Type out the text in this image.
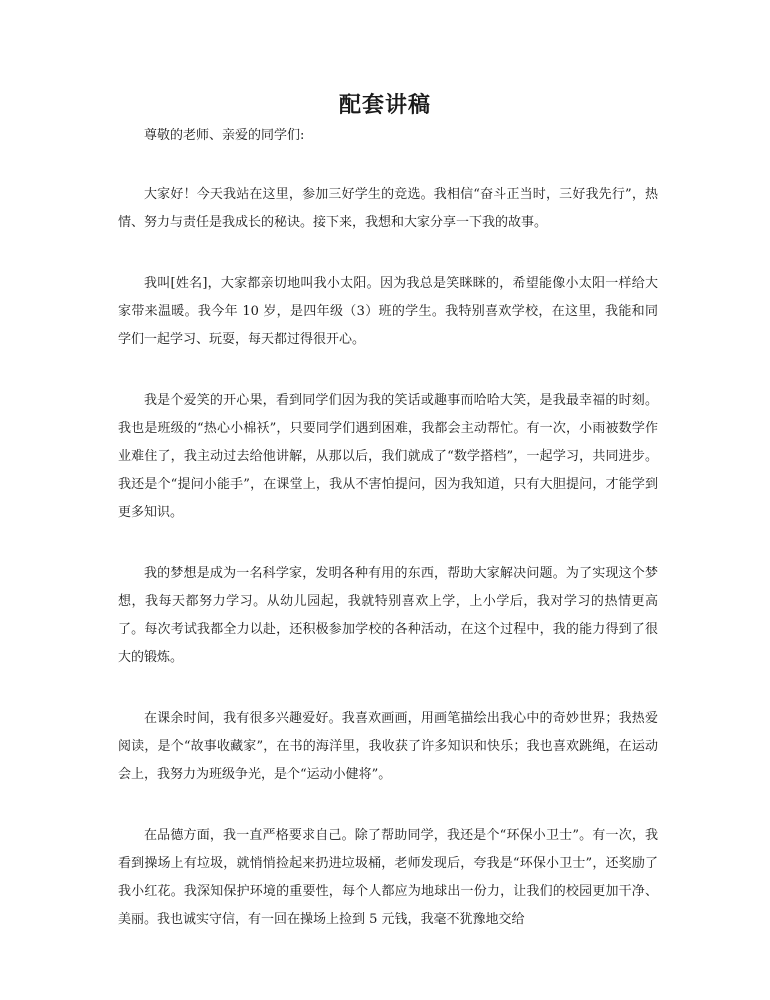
配套讲稿
尊敬的老师、亲爱的同学们:

大家好！今天我站在这里，参加三好学生的竞选。我相信“奋斗正当时，三好我先行”，热情、努力与责任是我成长的秘诀。接下来，我想和大家分享一下我的故事。

我叫[姓名]，大家都亲切地叫我小太阳。因为我总是笑眯眯的，希望能像小太阳一样给大家带来温暖。我今年 10 岁，是四年级（3）班的学生。我特别喜欢学校，在这里，我能和同学们一起学习、玩耍，每天都过得很开心。

我是个爱笑的开心果，看到同学们因为我的笑话或趣事而哈哈大笑，是我最幸福的时刻。我也是班级的“热心小棉袄”，只要同学们遇到困难，我都会主动帮忙。有一次，小雨被数学作业难住了，我主动过去给他讲解，从那以后，我们就成了“数学搭档”，一起学习，共同进步。我还是个“提问小能手”，在课堂上，我从不害怕提问，因为我知道，只有大胆提问，才能学到更多知识。

我的梦想是成为一名科学家，发明各种有用的东西，帮助大家解决问题。为了实现这个梦想，我每天都努力学习。从幼儿园起，我就特别喜欢上学，上小学后，我对学习的热情更高了。每次考试我都全力以赴，还积极参加学校的各种活动，在这个过程中，我的能力得到了很大的锻炼。

在课余时间，我有很多兴趣爱好。我喜欢画画，用画笔描绘出我心中的奇妙世界；我热爱阅读，是个“故事收藏家”，在书的海洋里，我收获了许多知识和快乐；我也喜欢跳绳，在运动会上，我努力为班级争光，是个“运动小健将”。

在品德方面，我一直严格要求自己。除了帮助同学，我还是个“环保小卫士”。有一次，我看到操场上有垃圾，就悄悄捡起来扔进垃圾桶，老师发现后，夸我是“环保小卫士”，还奖励了我小红花。我深知保护环境的重要性，每个人都应为地球出一份力，让我们的校园更加干净、美丽。我也诚实守信，有一回在操场上捡到 5 元钱，我毫不犹豫地交给
